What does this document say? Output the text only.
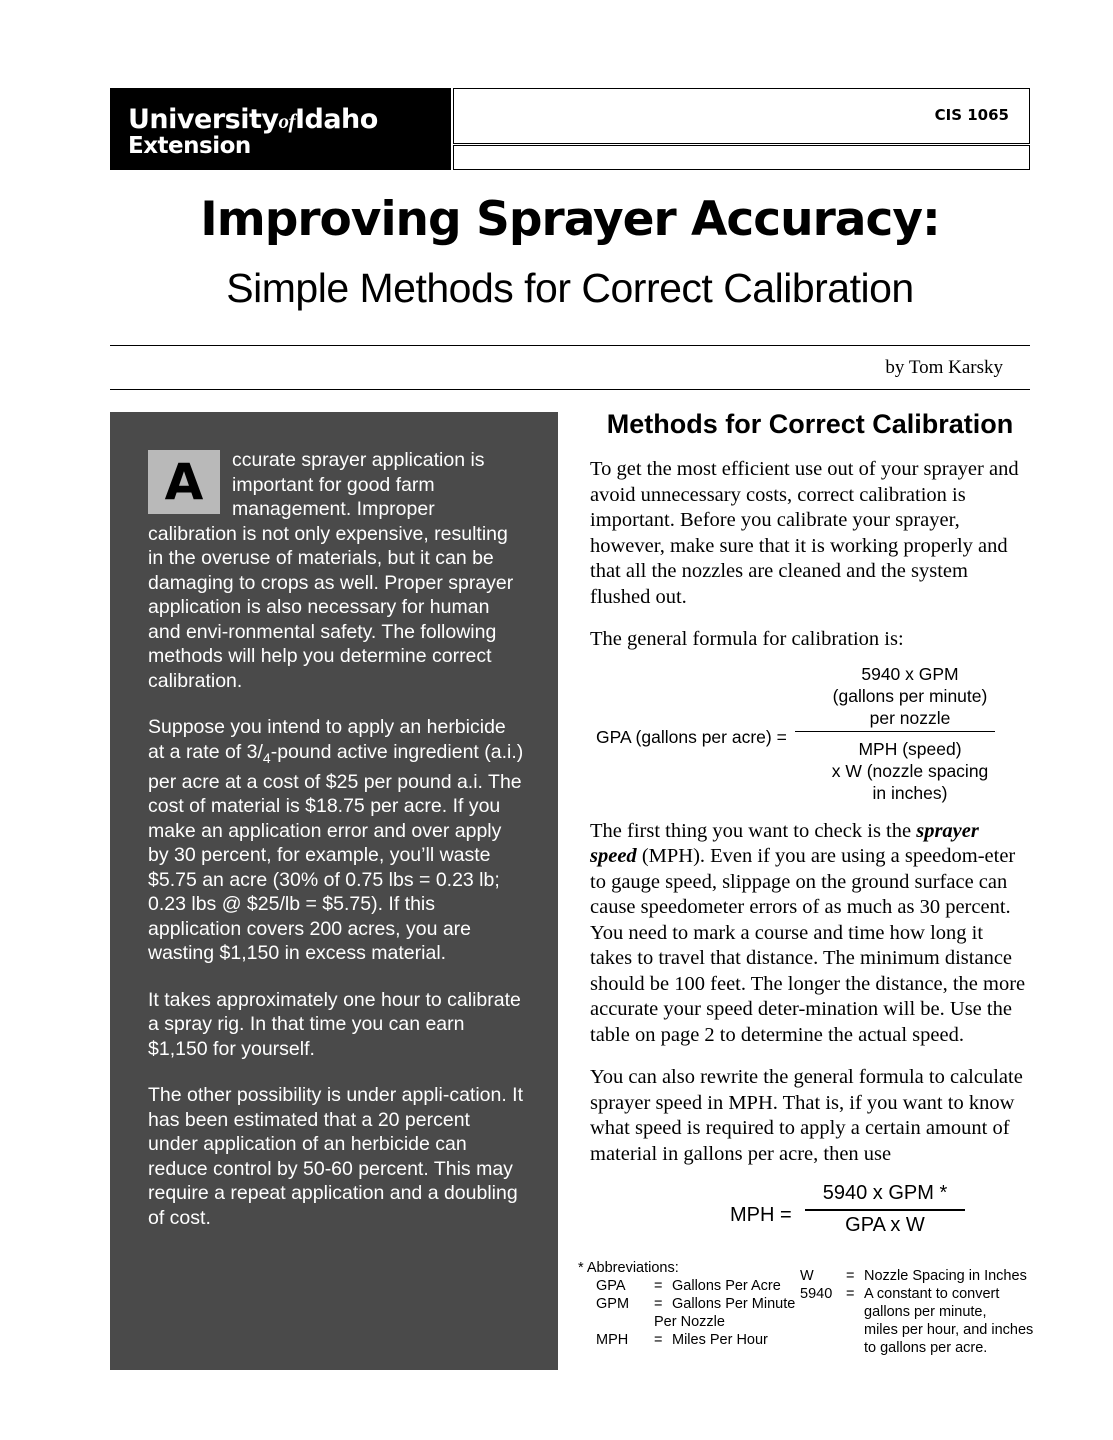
UniversityofIdaho
Extension
CIS 1065
Improving Sprayer Accuracy:
Simple Methods for Correct Calibration
by Tom Karsky

A	ccurate sprayer application is important for good farm management. Improper calibration is not only expensive, resulting in the overuse of materials, but it can be damaging to crops as well. Proper sprayer application is also necessary for human and envi-ronmental safety. The following methods will help you determine correct calibration.

Suppose you intend to apply an herbicide at a rate of $3/_4$-pound active ingredient (a.i.) per acre at a cost of $25 per pound a.i. The cost of material is $18.75 per acre. If you make an application error and over apply by 30 percent, for example, you’ll waste $5.75 an acre (30% of 0.75 lbs = 0.23 lb; 0.23 lbs @ $25/lb = $5.75). If this application covers 200 acres, you are wasting $1,150 in excess material.

It takes approximately one hour to calibrate a spray rig. In that time you can earn $1,150 for yourself.

The other possibility is under appli-cation. It has been estimated that a 20 percent under application of an herbicide can reduce control by 50-60 percent. This may require a repeat application and a doubling of cost.

Methods for Correct Calibration

To get the most efficient use out of your sprayer and avoid unnecessary costs, correct calibration is important. Before you calibrate your sprayer, however, make sure that it is working properly and that all the nozzles are cleaned and the system flushed out.

The general formula for calibration is:

GPA (gallons per acre) =
5940 x GPM
(gallons per minute)
per nozzle
MPH (speed)
x W (nozzle spacing
in inches)

The first thing you want to check is the sprayer speed (MPH). Even if you are using a speedom-eter to gauge speed, slippage on the ground surface can cause speedometer errors of as much as 30 percent. You need to mark a course and time how long it takes to travel that distance. The minimum distance should be 100 feet. The longer the distance, the more accurate your speed deter-mination will be. Use the table on page 2 to determine the actual speed.

You can also rewrite the general formula to calculate sprayer speed in MPH. That is, if you want to know what speed is required to apply a certain amount of material in gallons per acre, then use

MPH =
5940 x GPM *
GPA x W
* Abbreviations:
GPA	= Gallons Per Acre
GPM	= Gallons Per Minute
Per Nozzle
MPH	= Miles Per Hour
W	= Nozzle Spacing in Inches
5940 = A constant to convert
gallons per minute,
miles per hour, and inches
to gallons per acre.
